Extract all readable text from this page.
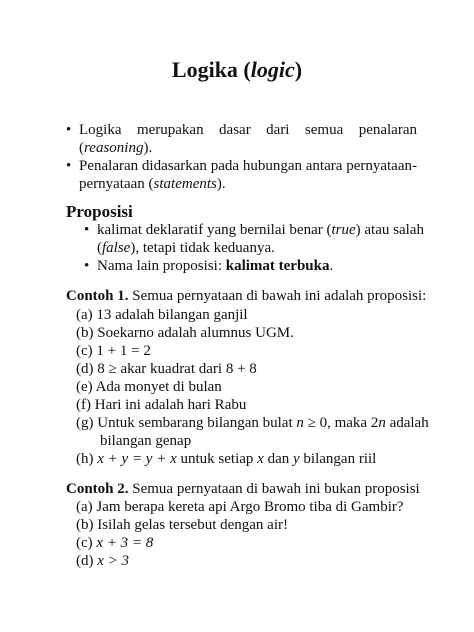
Logika (logic)
• Logika merupakan dasar dari semua penalaran
(reasoning).
• Penalaran didasarkan pada hubungan antara pernyataan-
pernyataan (statements).
Proposisi
• kalimat deklaratif yang bernilai benar (true) atau salah
(false), tetapi tidak keduanya.
• Nama lain proposisi: kalimat terbuka.
Contoh 1. Semua pernyataan di bawah ini adalah proposisi:
(a) 13 adalah bilangan ganjil
(b) Soekarno adalah alumnus UGM.
(c) 1 + 1 = 2
(d) 8 ≥ akar kuadrat dari 8 + 8
(e) Ada monyet di bulan
(f) Hari ini adalah hari Rabu
(g) Untuk sembarang bilangan bulat n ≥ 0, maka 2n adalah
bilangan genap
(h) x + y = y + x untuk setiap x dan y bilangan riil
Contoh 2. Semua pernyataan di bawah ini bukan proposisi
(a) Jam berapa kereta api Argo Bromo tiba di Gambir?
(b) Isilah gelas tersebut dengan air!
(c) x + 3 = 8
(d) x > 3
